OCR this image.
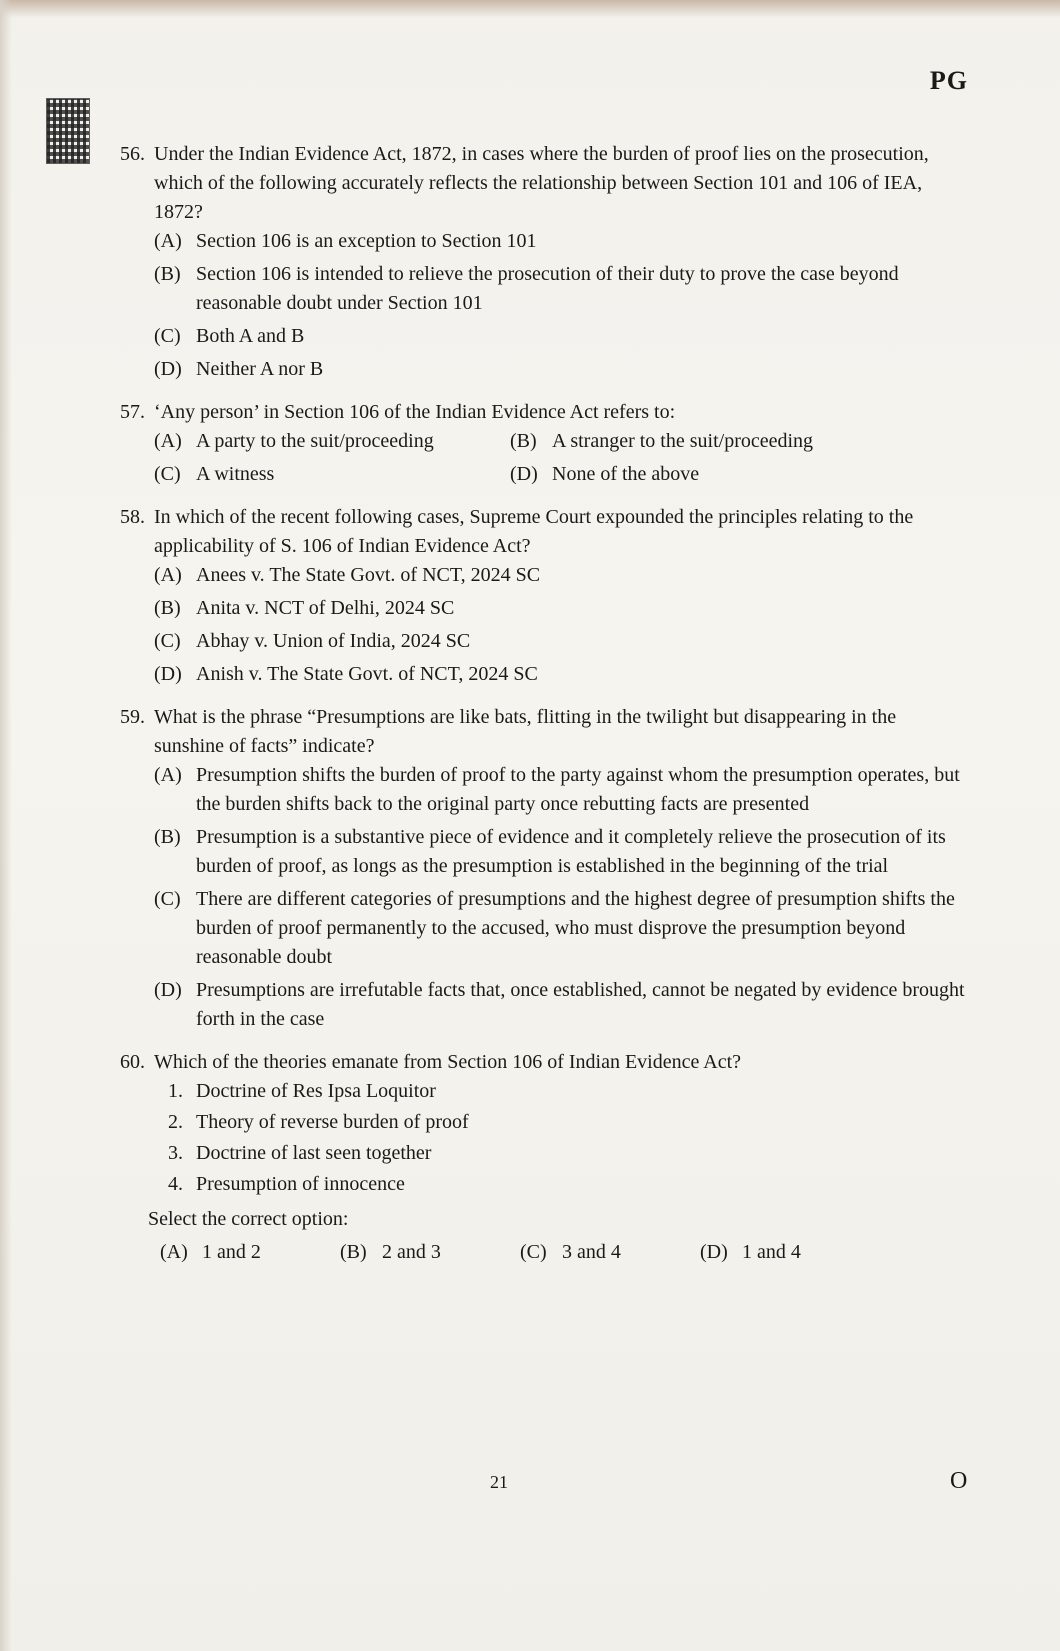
PG
56. Under the Indian Evidence Act, 1872, in cases where the burden of proof lies on the prosecution, which of the following accurately reflects the relationship between Section 101 and 106 of IEA, 1872?
(A) Section 106 is an exception to Section 101
(B) Section 106 is intended to relieve the prosecution of their duty to prove the case beyond reasonable doubt under Section 101
(C) Both A and B
(D) Neither A nor B
57. ‘Any person’ in Section 106 of the Indian Evidence Act refers to:
(A) A party to the suit/proceeding	(B) A stranger to the suit/proceeding
(C) A witness	(D) None of the above
58. In which of the recent following cases, Supreme Court expounded the principles relating to the applicability of S. 106 of Indian Evidence Act?
(A) Anees v. The State Govt. of NCT, 2024 SC
(B) Anita v. NCT of Delhi, 2024 SC
(C) Abhay v. Union of India, 2024 SC
(D) Anish v. The State Govt. of NCT, 2024 SC
59. What is the phrase “Presumptions are like bats, flitting in the twilight but disappearing in the sunshine of facts” indicate?
(A) Presumption shifts the burden of proof to the party against whom the presumption operates, but the burden shifts back to the original party once rebutting facts are presented
(B) Presumption is a substantive piece of evidence and it completely relieve the prosecution of its burden of proof, as longs as the presumption is established in the beginning of the trial
(C) There are different categories of presumptions and the highest degree of presumption shifts the burden of proof permanently to the accused, who must disprove the presumption beyond reasonable doubt
(D) Presumptions are irrefutable facts that, once established, cannot be negated by evidence brought forth in the case
60. Which of the theories emanate from Section 106 of Indian Evidence Act?
1. Doctrine of Res Ipsa Loquitor
2. Theory of reverse burden of proof
3. Doctrine of last seen together
4. Presumption of innocence
Select the correct option:
(A) 1 and 2	(B) 2 and 3	(C) 3 and 4	(D) 1 and 4
21	O
